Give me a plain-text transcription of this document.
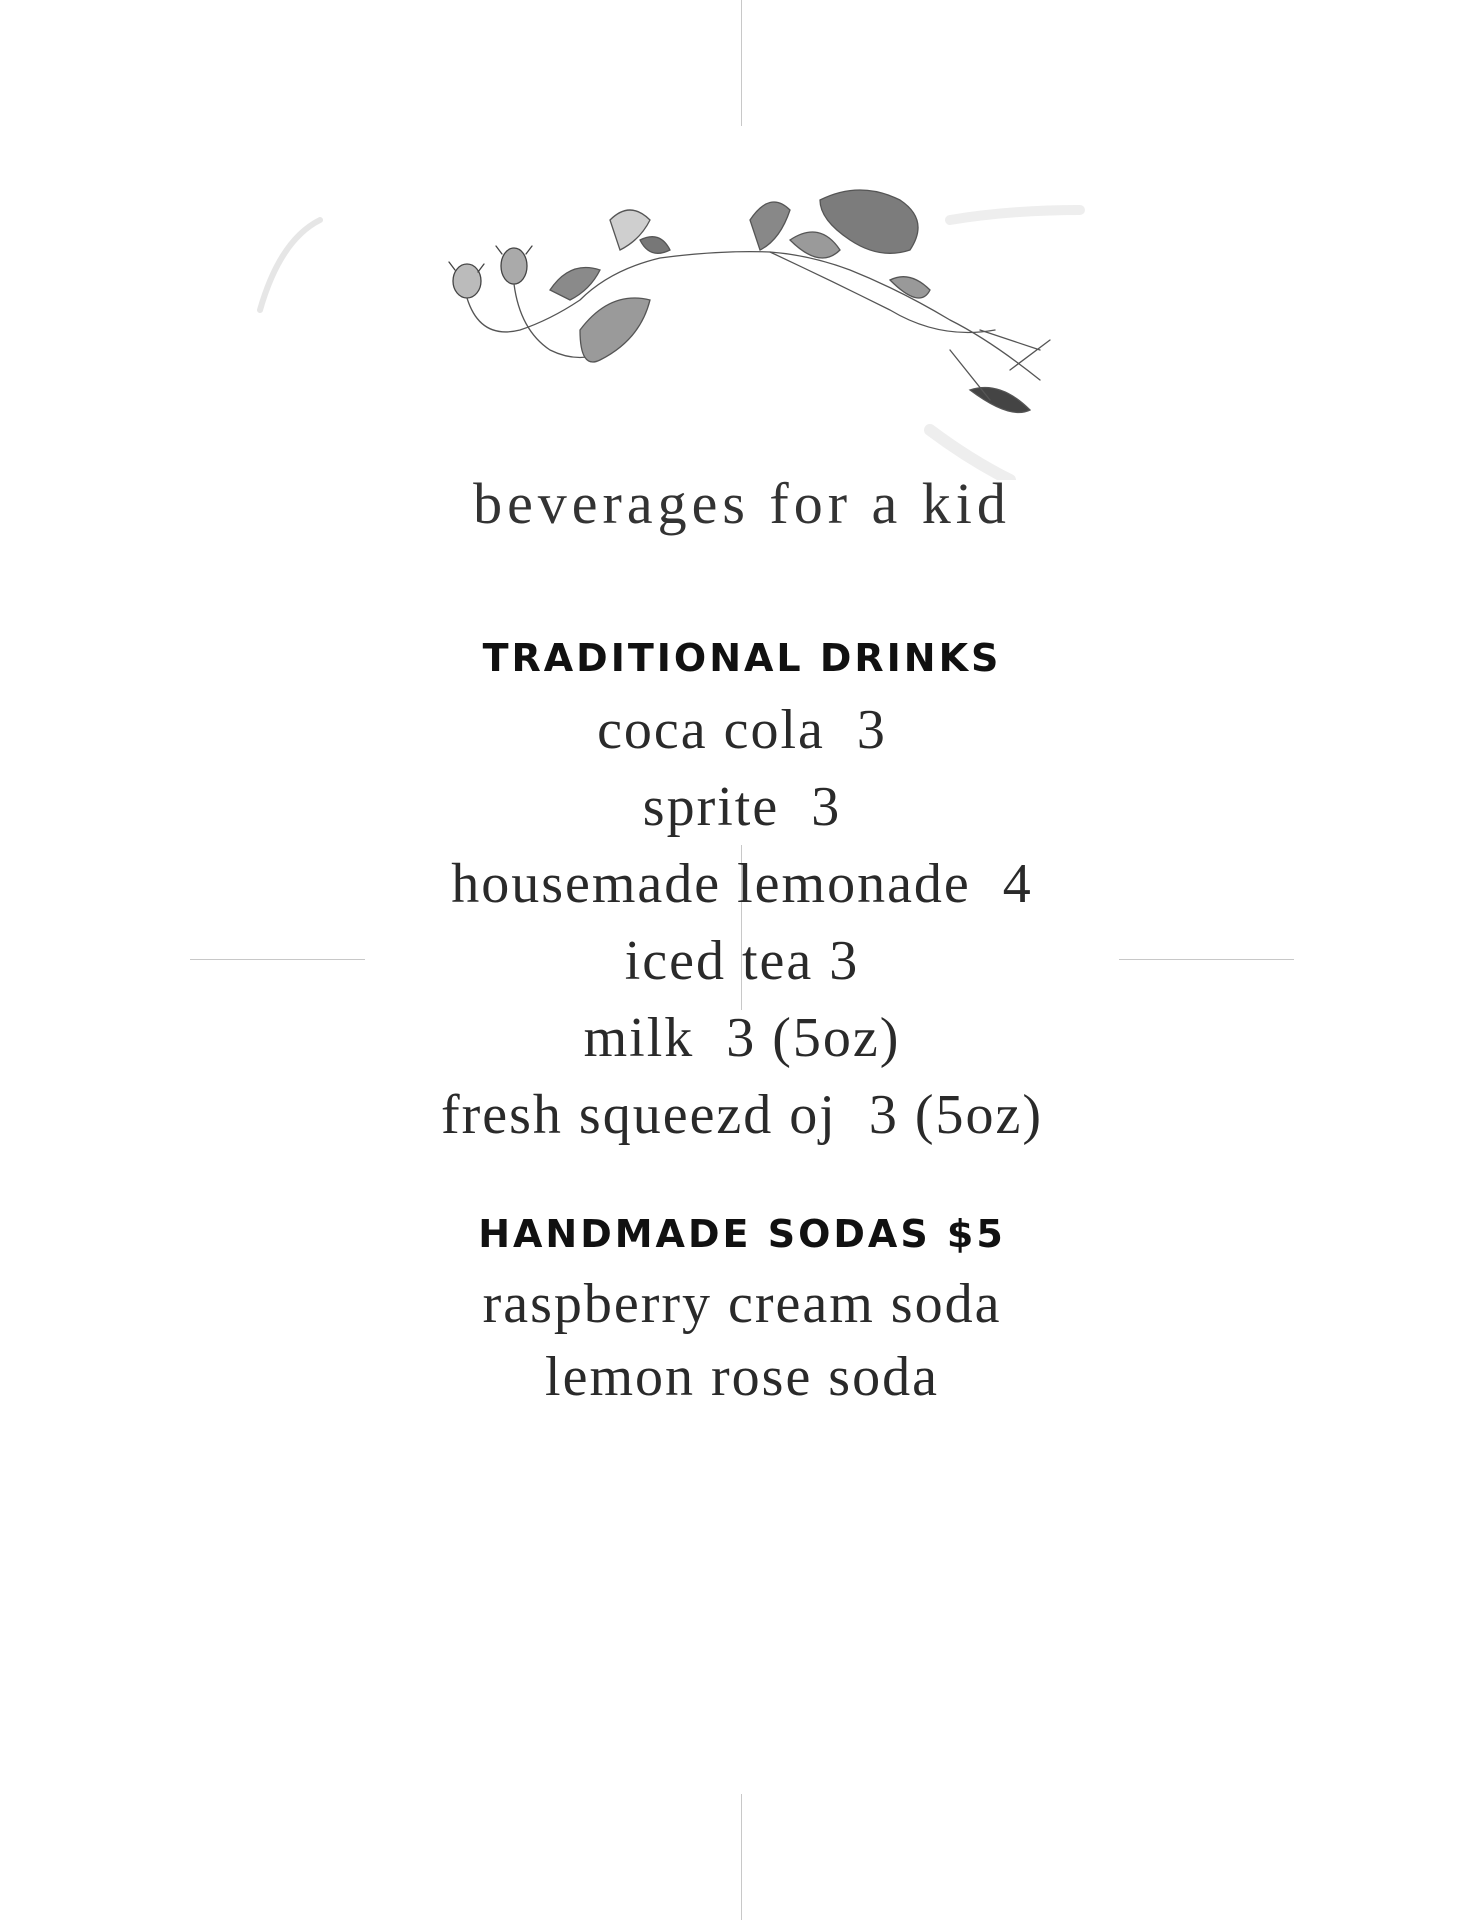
beverages for a kid
TRADITIONAL DRINKS
coca cola  3
sprite  3
housemade lemonade  4
iced tea 3
milk  3 (5oz)
fresh squeezd oj  3 (5oz)
HANDMADE SODAS $5
raspberry cream soda
lemon rose soda
